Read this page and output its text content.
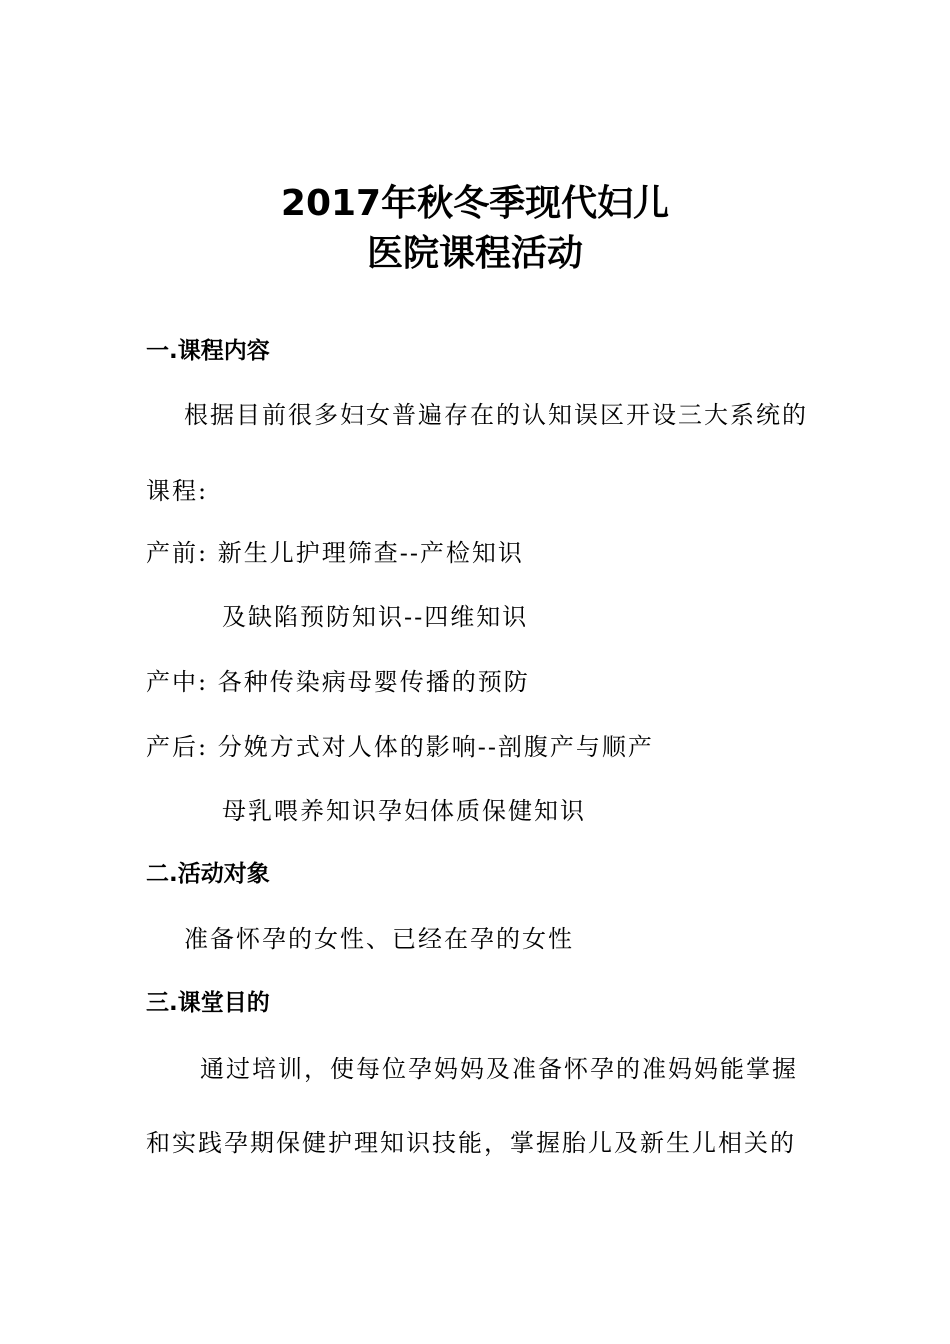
2017年秋冬季现代妇儿
医院课程活动
一.课程内容
根据目前很多妇女普遍存在的认知误区开设三大系统的
课程:
产前: 新生儿护理筛查--产检知识
及缺陷预防知识--四维知识
产中: 各种传染病母婴传播的预防
产后: 分娩方式对人体的影响--剖腹产与顺产
母乳喂养知识孕妇体质保健知识
二.活动对象
准备怀孕的女性、已经在孕的女性
三.课堂目的
通过培训，使每位孕妈妈及准备怀孕的准妈妈能掌握
和实践孕期保健护理知识技能，掌握胎儿及新生儿相关的
